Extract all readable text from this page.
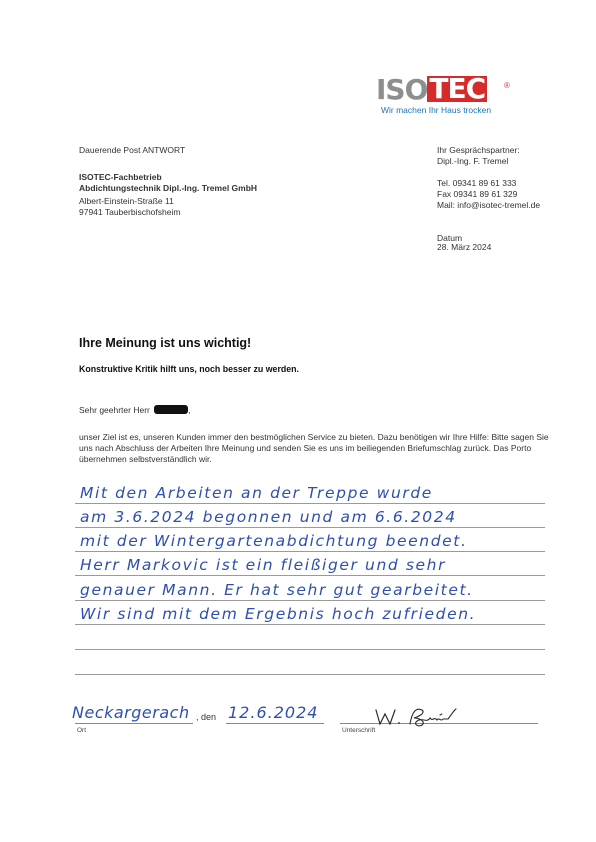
ISO TEC ®
Wir machen Ihr Haus trocken
Dauerende Post ANTWORT
ISOTEC-Fachbetrieb
Abdichtungstechnik Dipl.-Ing. Tremel GmbH
Albert-Einstein-Straße 11
97941 Tauberbischofsheim
Ihr Gesprächspartner:
Dipl.-Ing. F. Tremel
Tel. 09341 89 61 333
Fax 09341 89 61 329
Mail: info@isotec-tremel.de
Datum
28. März 2024
Ihre Meinung ist uns wichtig!
Konstruktive Kritik hilft uns, noch besser zu werden.
Sehr geehrter Herr	,
unser Ziel ist es, unseren Kunden immer den bestmöglichen Service zu bieten. Dazu benötigen wir Ihre Hilfe: Bitte sagen Sie uns nach Abschluss der Arbeiten Ihre Meinung und senden Sie es uns im beiliegenden Briefumschlag zurück. Das Porto übernehmen selbstverständlich wir.
Mit den Arbeiten an der Treppe wurde
am 3.6.2024 begonnen und am 6.6.2024
mit der Wintergartenabdichtung beendet.
Herr Markovic ist ein fleißiger und sehr
genauer Mann. Er hat sehr gut gearbeitet.
Wir sind mit dem Ergebnis hoch zufrieden.
Neckargerach , den 12.6.2024
Ort	Unterschrift
